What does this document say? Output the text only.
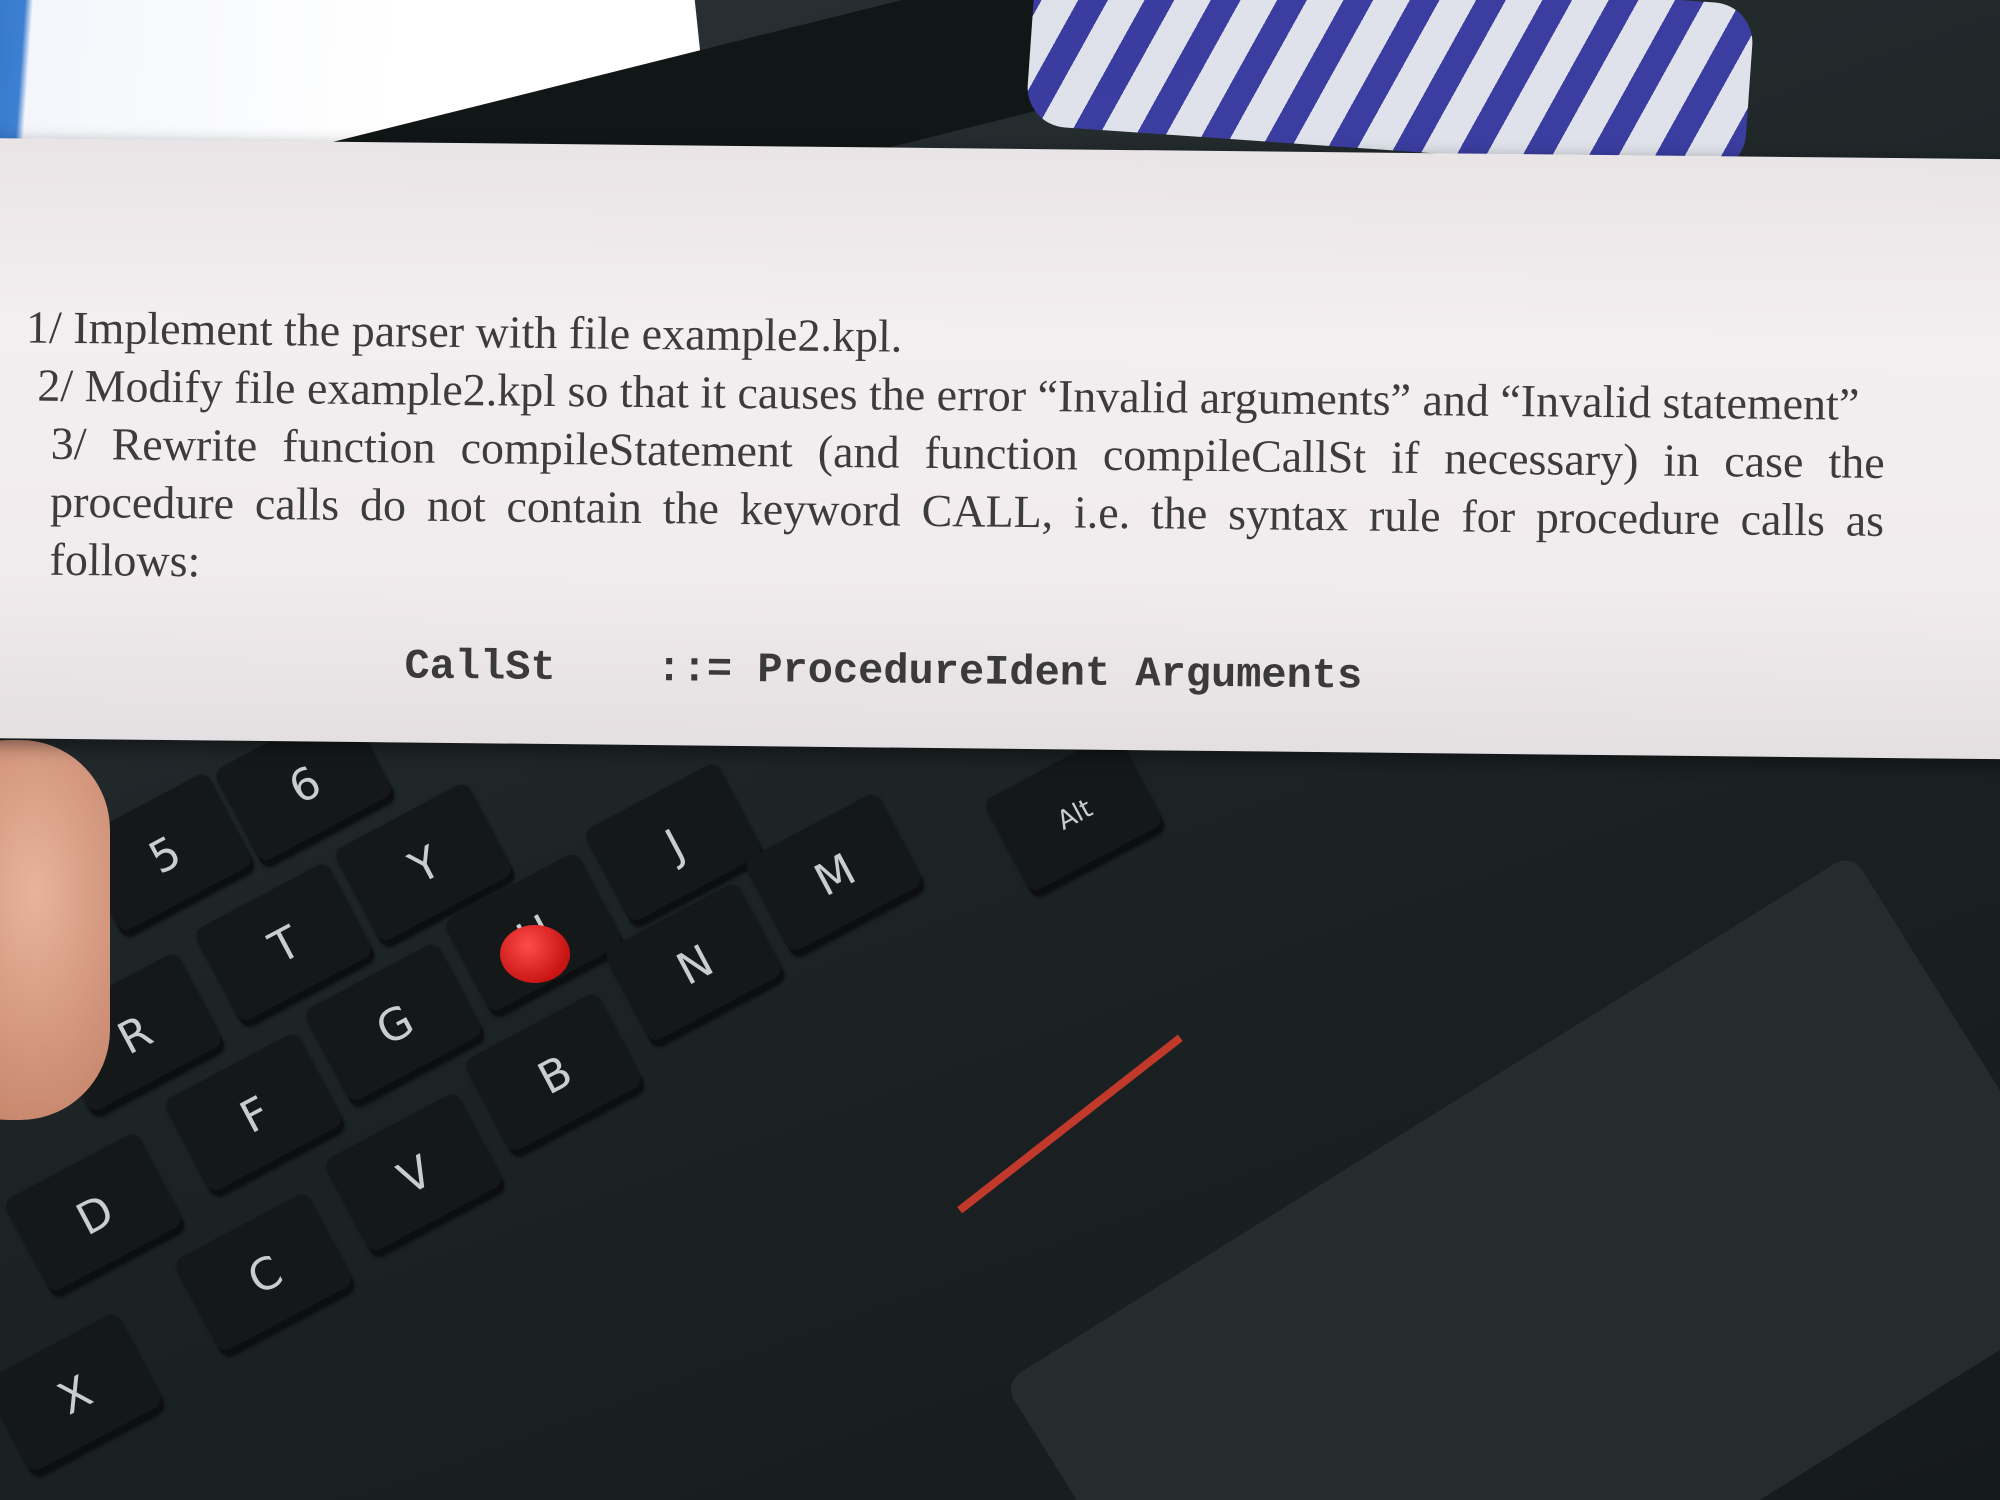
5
6
T
Y
R	G
J
F
B
N
M
D
V
C
X
Alt

1/ Implement the parser with file example2.kpl.

2/ Modify file example2.kpl so that it causes the error “Invalid arguments” and “Invalid statement”

3/ Rewrite function compileStatement (and function compileCallSt if necessary) in case the procedure calls do not contain the keyword CALL, i.e. the syntax rule for procedure calls as follows:

CallSt    ::= ProcedureIdent Arguments
